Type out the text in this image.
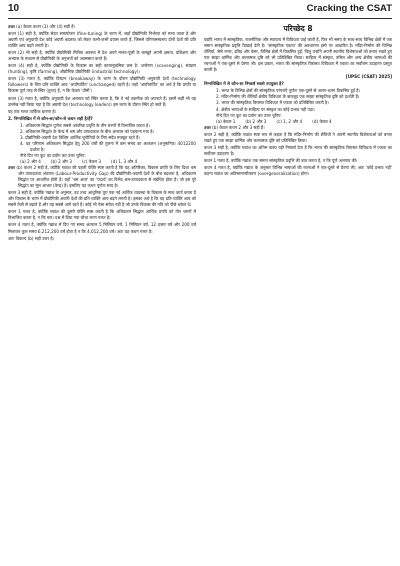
10	Cracking the CSAT

उत्तर (a) केवल कथन (3) और (4) सही हैं।

कथन (1) सही है, क्योंकि सेहत समायोजन (fine-tuning) के चरण में, जहाँ प्रौद्योगिकी निर्भरता को माना जाता है और अग्रणी एवं अनुयायी देश कोई अग्रणी बदलाव को लेकर कभी-कभी प्रयास करते हैं, जिससे परिणामस्वरूप दोनों देशों की प्रति व्यक्ति आय बढ़ने लगती है।

कथन (2) भी सही है, क्योंकि प्रौद्योगिकी मिश्रित अवस्था में देश अपने मानव-पूंजी के बलबूते अपनी क्षमता, प्रशिक्षण और अभ्यास के माध्यम से प्रौद्योगिकी के अनुभवों को आत्मसात करते हैं।

कथन (4) सही है, क्योंकि प्रौद्योगिकी के विकास का सही कालानुक्रमिक क्रम है: अन्वेषण (scavenging), संग्रहण (hunting), कृषि (farming), औद्योगिक प्रौद्योगिकी (industrial technology)।

कथन (3) गलत है, क्योंकि विघटन (breakaway) के चरण के दौरान प्रौद्योगिकी अनुयायी देशों (technology followers) के लिए प्रति व्यक्ति आय 'अपरिवर्तित' (unchanged) रहती है। जहाँ 'अपरिवर्तित' का अर्थ है कि प्रगति या विकास पूर्ण तरह से स्थिर (तुल्य) है, न कि केवल 'धीमी'।

कथन (3) गलत है, क्योंकि अनुयायी देश अलगाव को स्थिर करता है, कि वे नई तकनीक को अपनाते हैं। इसमें कहीं भी यह उल्लेख नहीं किया गया है कि अग्रणी देश (technology leaders) इस चरण के दौरान स्थिर हो जाते हैं।

यह एक गलत तार्किक धारणा है।

2. निम्नलिखित में से कौन-सा/कौन-से कथन सही है/हैं?

1. अधिकतम सिद्धांत पूर्णतः सबसे आंतरिक प्रवृत्ति के तीन चरणों में विभाजित करता है।

2. अधिकतम सिद्धांत के केन्द्र में श्रम और उत्पादकता के बीच अंतराल को पहचाना गया है।

3. प्रौद्योगिकी-अग्रणी देश विशिष्ट आर्थिक चुनौतियों के लिए सदैव मजबूत रहते हैं।

4. यह परिणाम अधिकतम सिद्धांत हेतु 200 वर्षों की तुलना में कम समय का आकलन (अनुमानित) 4012200 दर्शाता है।

नीचे दिए गए कूट का प्रयोग कर उत्तर चुनिए:

(a) 2 और 4 (b) 2 और 3 (c) केवल 3 (d) 1, 3 और 4

उत्तर (b) कथन 2 सही है, क्योंकि गद्यांश की पहली पंक्ति स्पष्ट करती है कि यह अतिरिक्त, विकास प्रगति के लिए दिशा श्रम और उत्पादकता अंतराल (Labour-Productivity Gap) की प्रौद्योगिकी-अग्रणी देशों के बीच बदलता है, अधिकतम सिद्धांत पर आधारित होती है। यहाँ 'श्रम अंतर' का 'पदार्थ' का विभेद श्रम-उत्पादकता से संबंधित होता है। जो इस पूरे सिद्धांत का मूल आधार (केन्द्र) है। इसलिए यह कथन पूर्णतः सत्य है।

कथन 3 सही है, क्योंकि गद्यांश के अनुसार, वह तथ्य आधुनिक युग एक नई आर्थिक व्यवस्था के विकास के साथ कार्य करता है और विकास के चरण में प्रौद्योगिकी अग्रणी देशों की प्रति व्यक्ति आय बढ़ने लगती है। इसका अर्थ है कि यह प्रति-व्यक्ति आय को सबसे तेज़ी से बढ़ाते हैं और यह सबसे आगे रहते हैं। कोई भी ऐसा संकेत नहीं है जो उनके विकास की गति को पीछे धकेल दे।

कथन 1 गलत है, क्योंकि गद्यांश की दूसरी पंक्ति स्पष्ट करती है कि अधिकतम सिद्धांत आर्थिक प्रगति को तीन चरणों में विभाजित करता है, न कि चार। प्रश्न में दिया गया चौथा चरण गलत है।

कथन 4 गलत है, क्योंकि गद्यांश में दिए गए समय अंतराल 5 मिलियन वर्ष, 1 मिलियन वर्ष, 12 हजार वर्ष और 200 वर्ष मिलाकर कुल समय 6,212,200 वर्ष होता है न कि 4,012,200 वर्ष। अतः यह कथन गलत है।

अतः विकल्प (b) सही उत्तर है।

परिच्छेद 8

यद्यपि भारत में सांस्कृतिक, राजनीतिक और स्थापत्य में विविधता पाई जाती है, फिर भी समय के साथ-साथ विभिन्न क्षेत्रों में एक समान सांस्कृतिक प्रवृत्ति दिखाई देती है। 'सांस्कृतिक एकता' की अवधारणा इसी पर आधारित है। मंदिर-निर्माण की विभिन्न शैलियाँ, जैसे नागर, द्रविड़ और वेसर, विभिन्न क्षेत्रों में विकसित हुईं, किंतु उन्होंने अपनी स्थानीय विशेषताओं को बनाए रखते हुए एक साझा धार्मिक और कलात्मक दृष्टि को भी प्रतिबिंबित किया। साहित्य में संस्कृत, तमिल और अन्य क्षेत्रीय भाषाओं की रचनाओं ने एक-दूसरे से प्रेरणा ली। इस प्रकार, भारत की सांस्कृतिक विरासत विविधता में एकता का सर्वोत्तम उदाहरण प्रस्तुत करती है।

[UPSC (CSAT) 2025]

निम्नलिखित में से कौन-सा निष्कर्ष सबसे उपयुक्त है?

1. भारत के विभिन्न क्षेत्रों की सांस्कृतिक परंपराएँ पूर्णतः एक-दूसरे से अलग-थलग विकसित हुई हैं।

2. मंदिर-निर्माण की शैलियाँ क्षेत्रीय विविधता के बावजूद एक साझा सांस्कृतिक दृष्टि को दर्शाती हैं।

3. भारत की सांस्कृतिक विरासत विविधता में एकता को प्रतिबिंबित करती है।

4. क्षेत्रीय भाषाओं के साहित्य पर संस्कृत का कोई प्रभाव नहीं पड़ा।

नीचे दिए गए कूट का प्रयोग कर उत्तर चुनिए:

(a) केवल 1 (b) 2 और 3 (c) 1, 2 और 4 (d) केवल 4

उत्तर (b) केवल कथन 2 और 3 सही हैं।

कथन 2 सही है, क्योंकि गद्यांश स्पष्ट रूप से कहता है कि मंदिर-निर्माण की शैलियों ने अपनी स्थानीय विशेषताओं को बनाए रखते हुए एक साझा धार्मिक और कलात्मक दृष्टि को प्रतिबिंबित किया।

कथन 3 सही है, क्योंकि गद्यांश का अंतिम वाक्य यही निष्कर्ष देता है कि भारत की सांस्कृतिक विरासत विविधता में एकता का सर्वोत्तम उदाहरण है।

कथन 1 गलत है, क्योंकि गद्यांश एक समान सांस्कृतिक प्रवृत्ति की बात करता है, न कि पूर्ण अलगाव की।

कथन 4 गलत है, क्योंकि गद्यांश के अनुसार विभिन्न भाषाओं की रचनाओं ने एक-दूसरे से प्रेरणा ली; अतः 'कोई प्रभाव नहीं' कहना गद्यांश का अतिसामान्यीकरण (overgeneralization) होगा।
